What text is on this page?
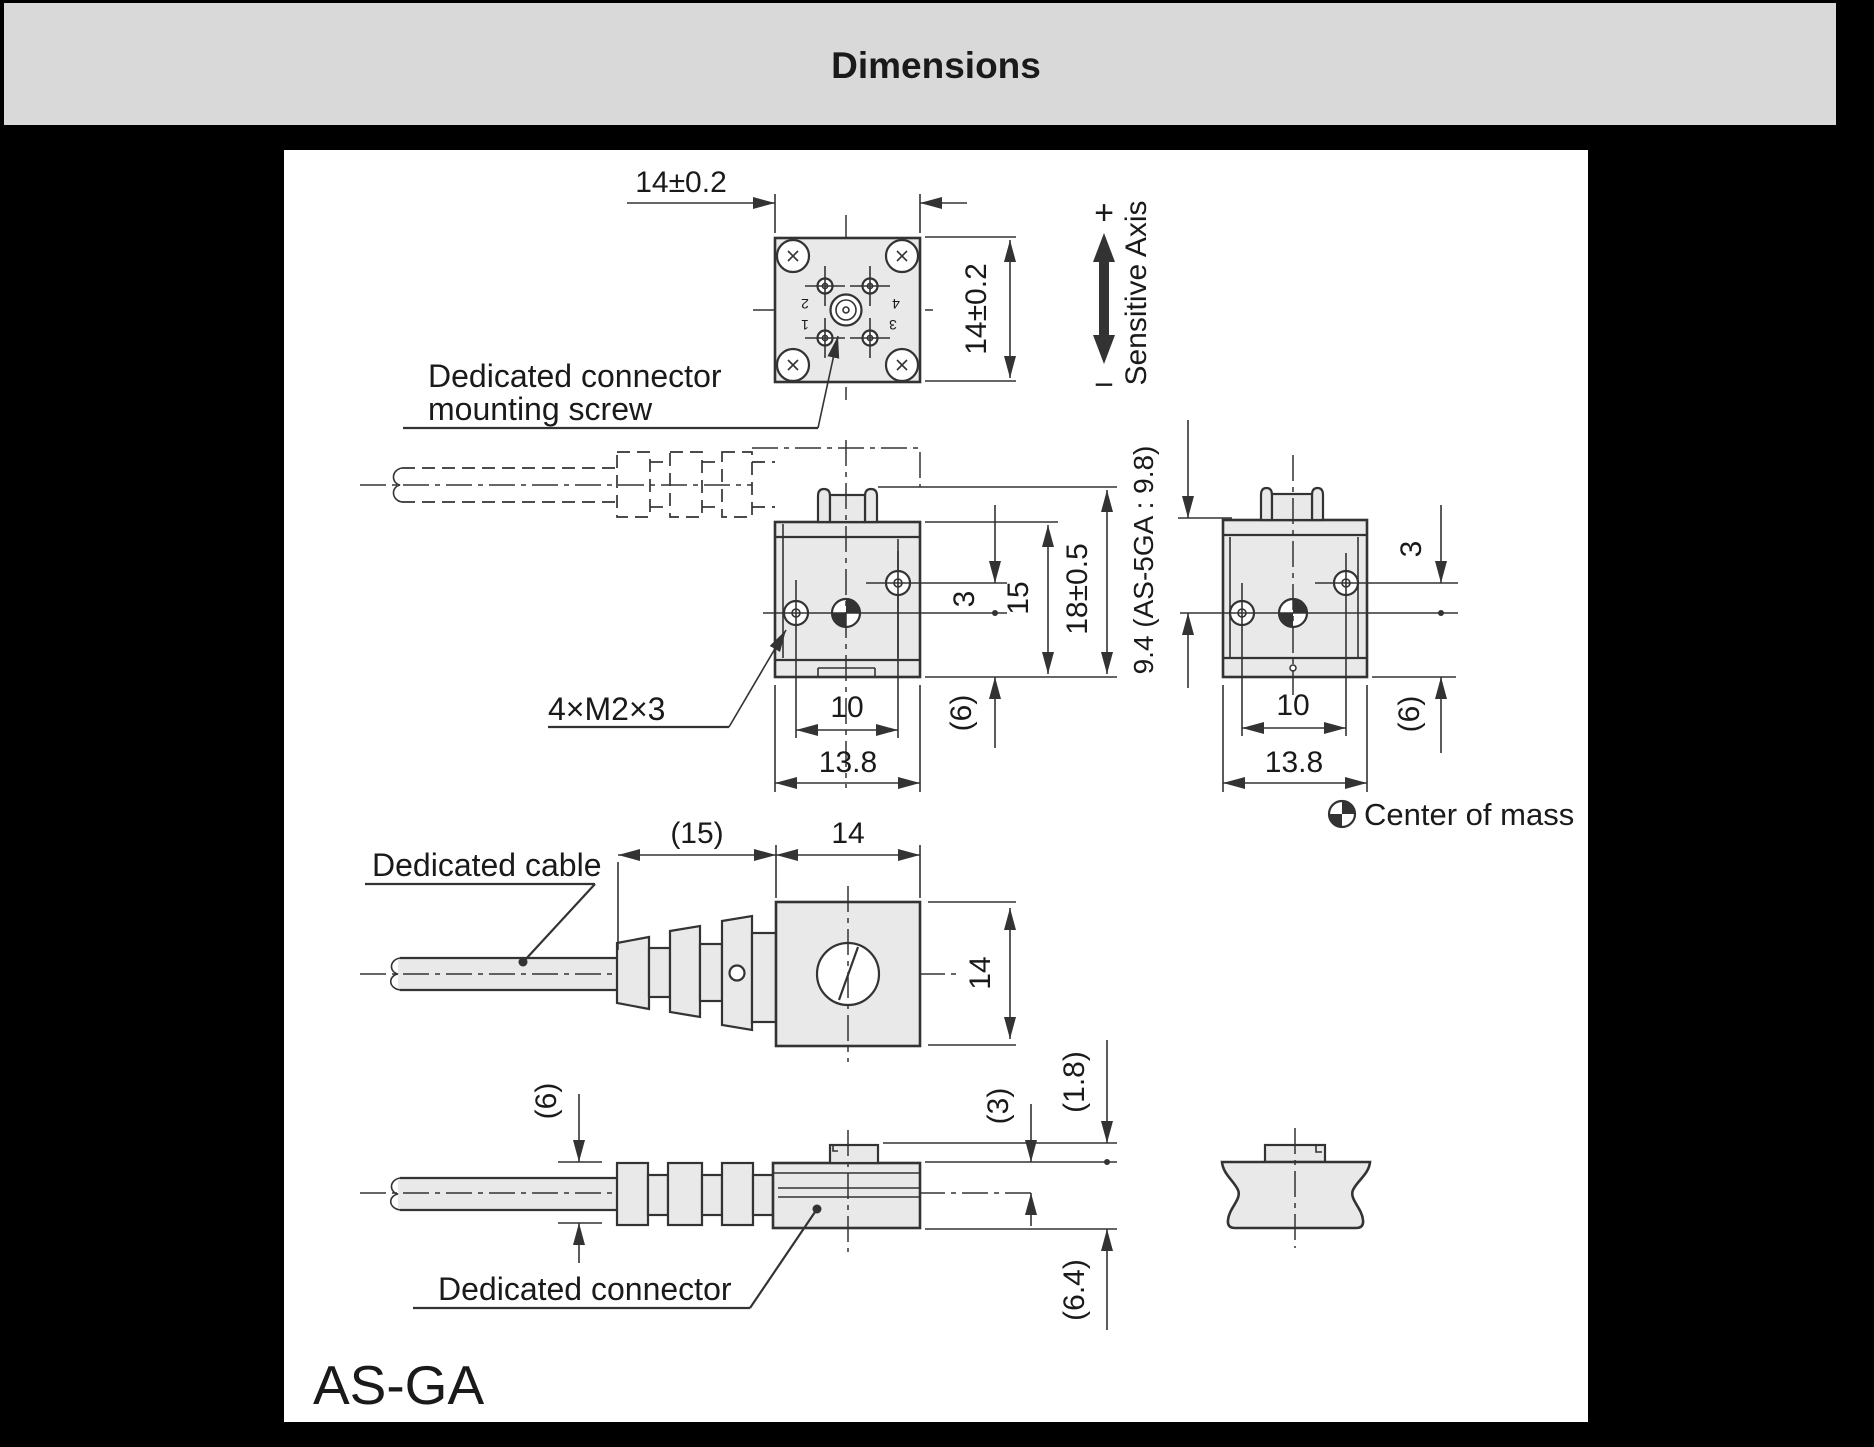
Dimensions
2	4
1	3
14±0.2
14±0.2
+
− Sensitive Axis
3
(6)
15 18±0.5
10
13.8
Dedicated connector
mounting screw
4×M2×3
9.4 (AS-5GA : 9.8)	3
(6)
10
13.8
Center of mass
(15)	14
14
Dedicated cable
(6)	(3) (1.8)
(6.4)
Dedicated connector
AS-GA
